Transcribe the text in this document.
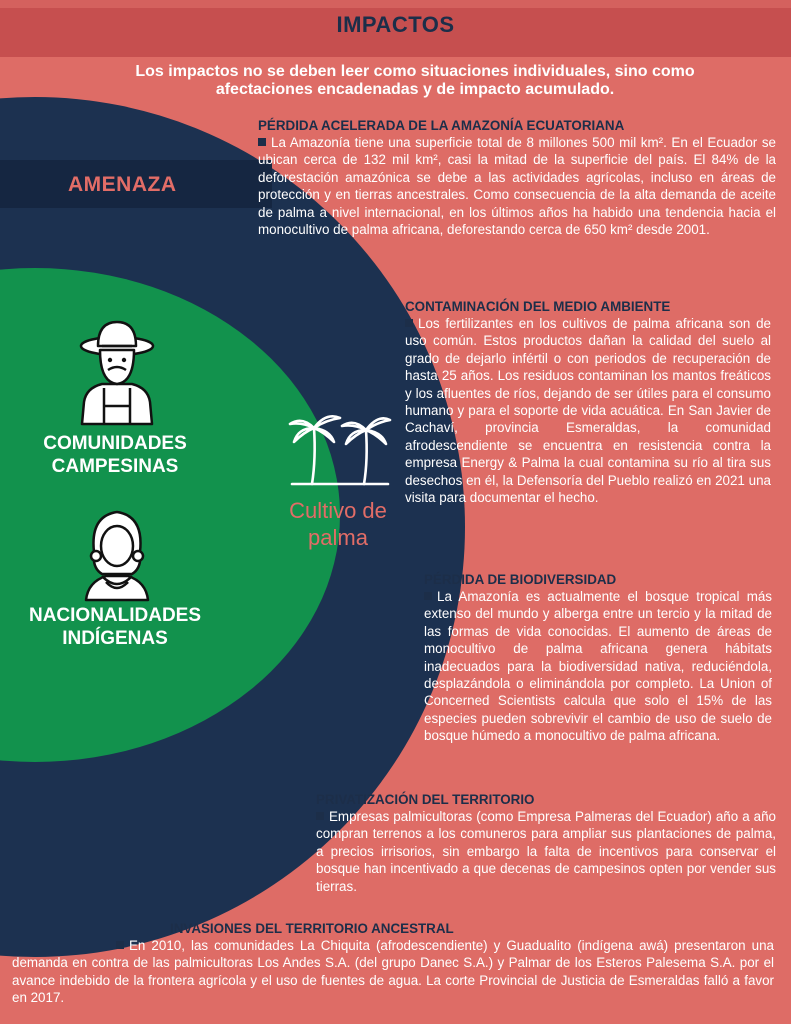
IMPACTOS
Los impactos no se deben leer como situaciones individuales, sino como afectaciones encadenadas y de impacto acumulado.
AMENAZA
COMUNIDADES CAMPESINAS
NACIONALIDADES INDÍGENAS
Cultivo de palma
PÉRDIDA ACELERADA DE LA AMAZONÍA ECUATORIANA
La Amazonía tiene una superficie total de 8 millones 500 mil km². En el Ecuador se ubican cerca de 132 mil km², casi la mitad de la superficie del país. El 84% de la deforestación amazónica se debe a las actividades agrícolas, incluso en áreas de protección y en tierras ancestrales. Como consecuencia de la alta demanda de aceite de palma a nivel internacional, en los últimos años ha habido una tendencia hacia el monocultivo de palma africana, deforestando cerca de 650 km² desde 2001.
CONTAMINACIÓN DEL MEDIO AMBIENTE
Los fertilizantes en los cultivos de palma africana son de uso común. Estos productos dañan la calidad del suelo al grado de dejarlo infértil o con periodos de recuperación de hasta 25 años. Los residuos contaminan los mantos freáticos y los afluentes de ríos, dejando de ser útiles para el consumo humano y para el soporte de vida acuática. En San Javier de Cachaví, provincia Esmeraldas, la comunidad afrodescendiente se encuentra en resistencia contra la empresa Energy & Palma la cual contamina su río al tira sus desechos en él, la Defensoría del Pueblo realizó en 2021 una visita para documentar el hecho.
PÉRDIDA DE BIODIVERSIDAD
La Amazonía es actualmente el bosque tropical más extenso del mundo y alberga entre un tercio y la mitad de las formas de vida conocidas. El aumento de áreas de monocultivo de palma africana genera hábitats inadecuados para la biodiversidad nativa, reduciéndola, desplazándola o eliminándola por completo. La Union of Concerned Scientists calcula que solo el 15% de las especies pueden sobrevivir el cambio de uso de suelo de bosque húmedo a monocultivo de palma africana.
PRIVATIZACIÓN DEL TERRITORIO
Empresas palmicultoras (como Empresa Palmeras del Ecuador) año a año compran terrenos a los comuneros para ampliar sus plantaciones de palma, a precios irrisorios, sin embargo la falta de incentivos para conservar el bosque han incentivado a que decenas de campesinos opten por vender sus tierras.
INVASIONES DEL TERRITORIO ANCESTRAL
En 2010, las comunidades La Chiquita (afrodescendiente) y Guadualito (indígena awá) presentaron una demanda en contra de las palmicultoras Los Andes S.A. (del grupo Danec S.A.) y Palmar de los Esteros Palesema S.A. por el avance indebido de la frontera agrícola y el uso de fuentes de agua. La corte Provincial de Justicia de Esmeraldas falló a favor en 2017.
